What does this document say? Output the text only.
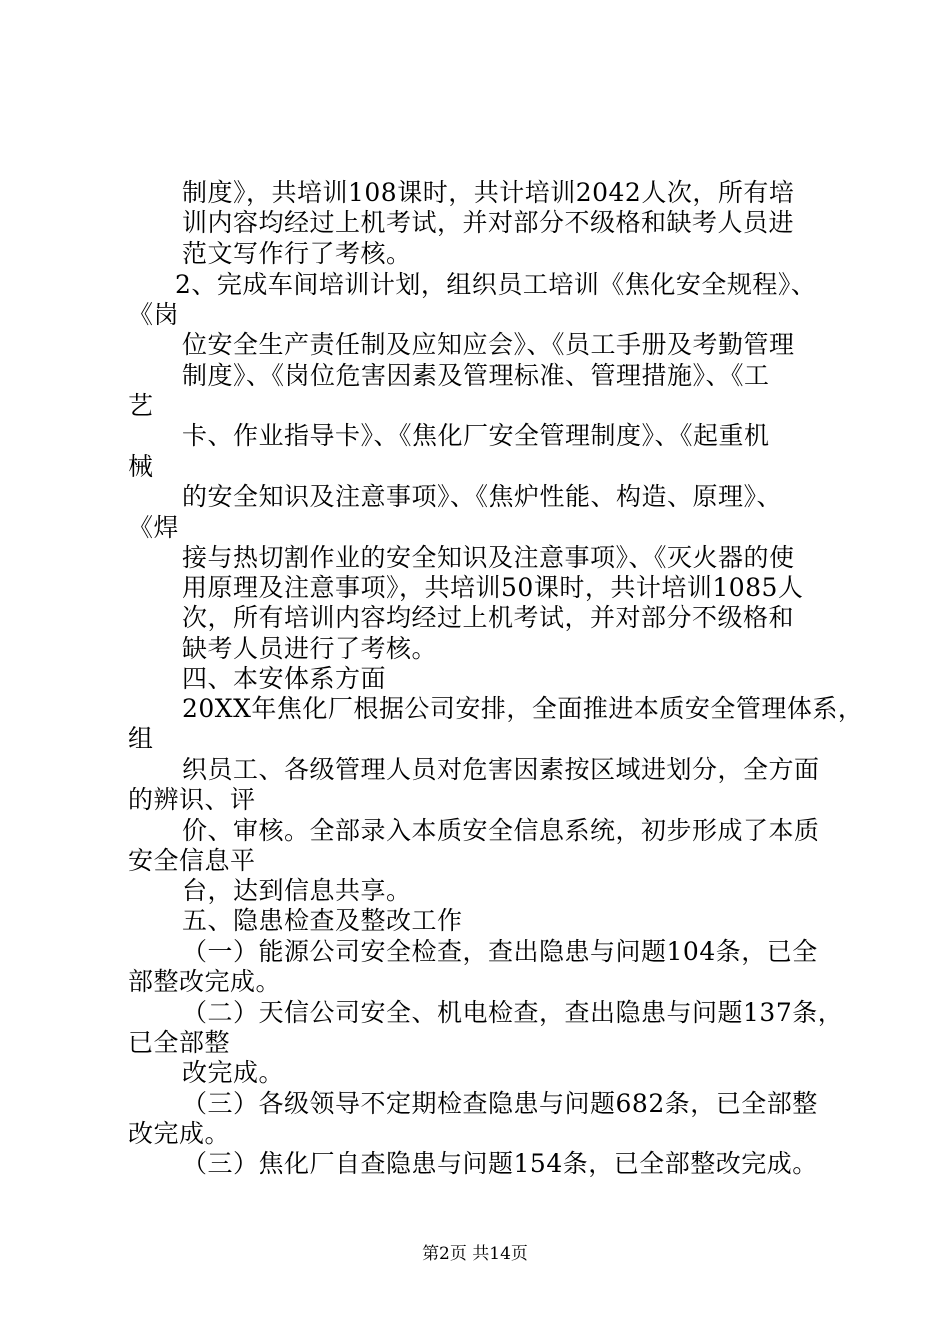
制度》，共培训108课时，共计培训2042人次，所有培
训内容均经过上机考试，并对部分不级格和缺考人员进
范文写作行了考核。
2、完成车间培训计划，组织员工培训《焦化安全规程》、
《岗
位安全生产责任制及应知应会》、《员工手册及考勤管理
制度》、《岗位危害因素及管理标准、管理措施》、《工
艺
卡、作业指导卡》、《焦化厂安全管理制度》、《起重机
械
的安全知识及注意事项》、《焦炉性能、构造、原理》、
《焊
接与热切割作业的安全知识及注意事项》、《灭火器的使
用原理及注意事项》，共培训50课时，共计培训1085人
次，所有培训内容均经过上机考试，并对部分不级格和
缺考人员进行了考核。
四、本安体系方面
20XX年焦化厂根据公司安排，全面推进本质安全管理体系，
组
织员工、各级管理人员对危害因素按区域进划分，全方面
的辨识、评
价、审核。全部录入本质安全信息系统，初步形成了本质
安全信息平
台，达到信息共享。
五、隐患检查及整改工作
（一）能源公司安全检查，查出隐患与问题104条，已全
部整改完成。
（二）天信公司安全、机电检查，查出隐患与问题137条，
已全部整
改完成。
（三）各级领导不定期检查隐患与问题682条，已全部整
改完成。
（三）焦化厂自查隐患与问题154条，已全部整改完成。
第2页 共14页
